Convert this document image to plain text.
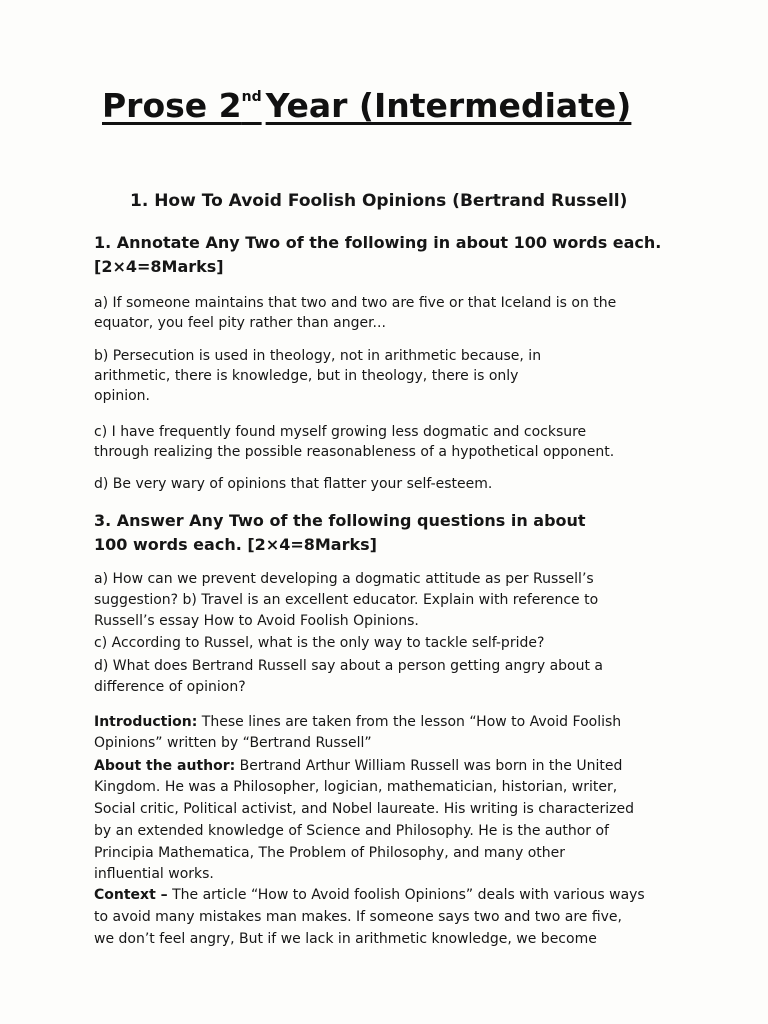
Prose 2nd Year (Intermediate)
1. How To Avoid Foolish Opinions (Bertrand Russell)
1. Annotate Any Two of the following in about 100 words each.
[2×4=8Marks]
a) If someone maintains that two and two are five or that Iceland is on the
equator, you feel pity rather than anger...
b) Persecution is used in theology, not in arithmetic because, in
arithmetic, there is knowledge, but in theology, there is only
opinion.
c) I have frequently found myself growing less dogmatic and cocksure
through realizing the possible reasonableness of a hypothetical opponent.
d) Be very wary of opinions that flatter your self-esteem.
3. Answer Any Two of the following questions in about
100 words each. [2×4=8Marks]
a) How can we prevent developing a dogmatic attitude as per Russell’s
suggestion? b) Travel is an excellent educator. Explain with reference to
Russell’s essay How to Avoid Foolish Opinions.
c) According to Russel, what is the only way to tackle self-pride?
d) What does Bertrand Russell say about a person getting angry about a
difference of opinion?
Introduction: These lines are taken from the lesson “How to Avoid Foolish
Opinions” written by “Bertrand Russell”
About the author: Bertrand Arthur William Russell was born in the United
Kingdom. He was a Philosopher, logician, mathematician, historian, writer,
Social critic, Political activist, and Nobel laureate. His writing is characterized
by an extended knowledge of Science and Philosophy. He is the author of
Principia Mathematica, The Problem of Philosophy, and many other
influential works.
Context – The article “How to Avoid foolish Opinions” deals with various ways
to avoid many mistakes man makes. If someone says two and two are five,
we don’t feel angry, But if we lack in arithmetic knowledge, we become
